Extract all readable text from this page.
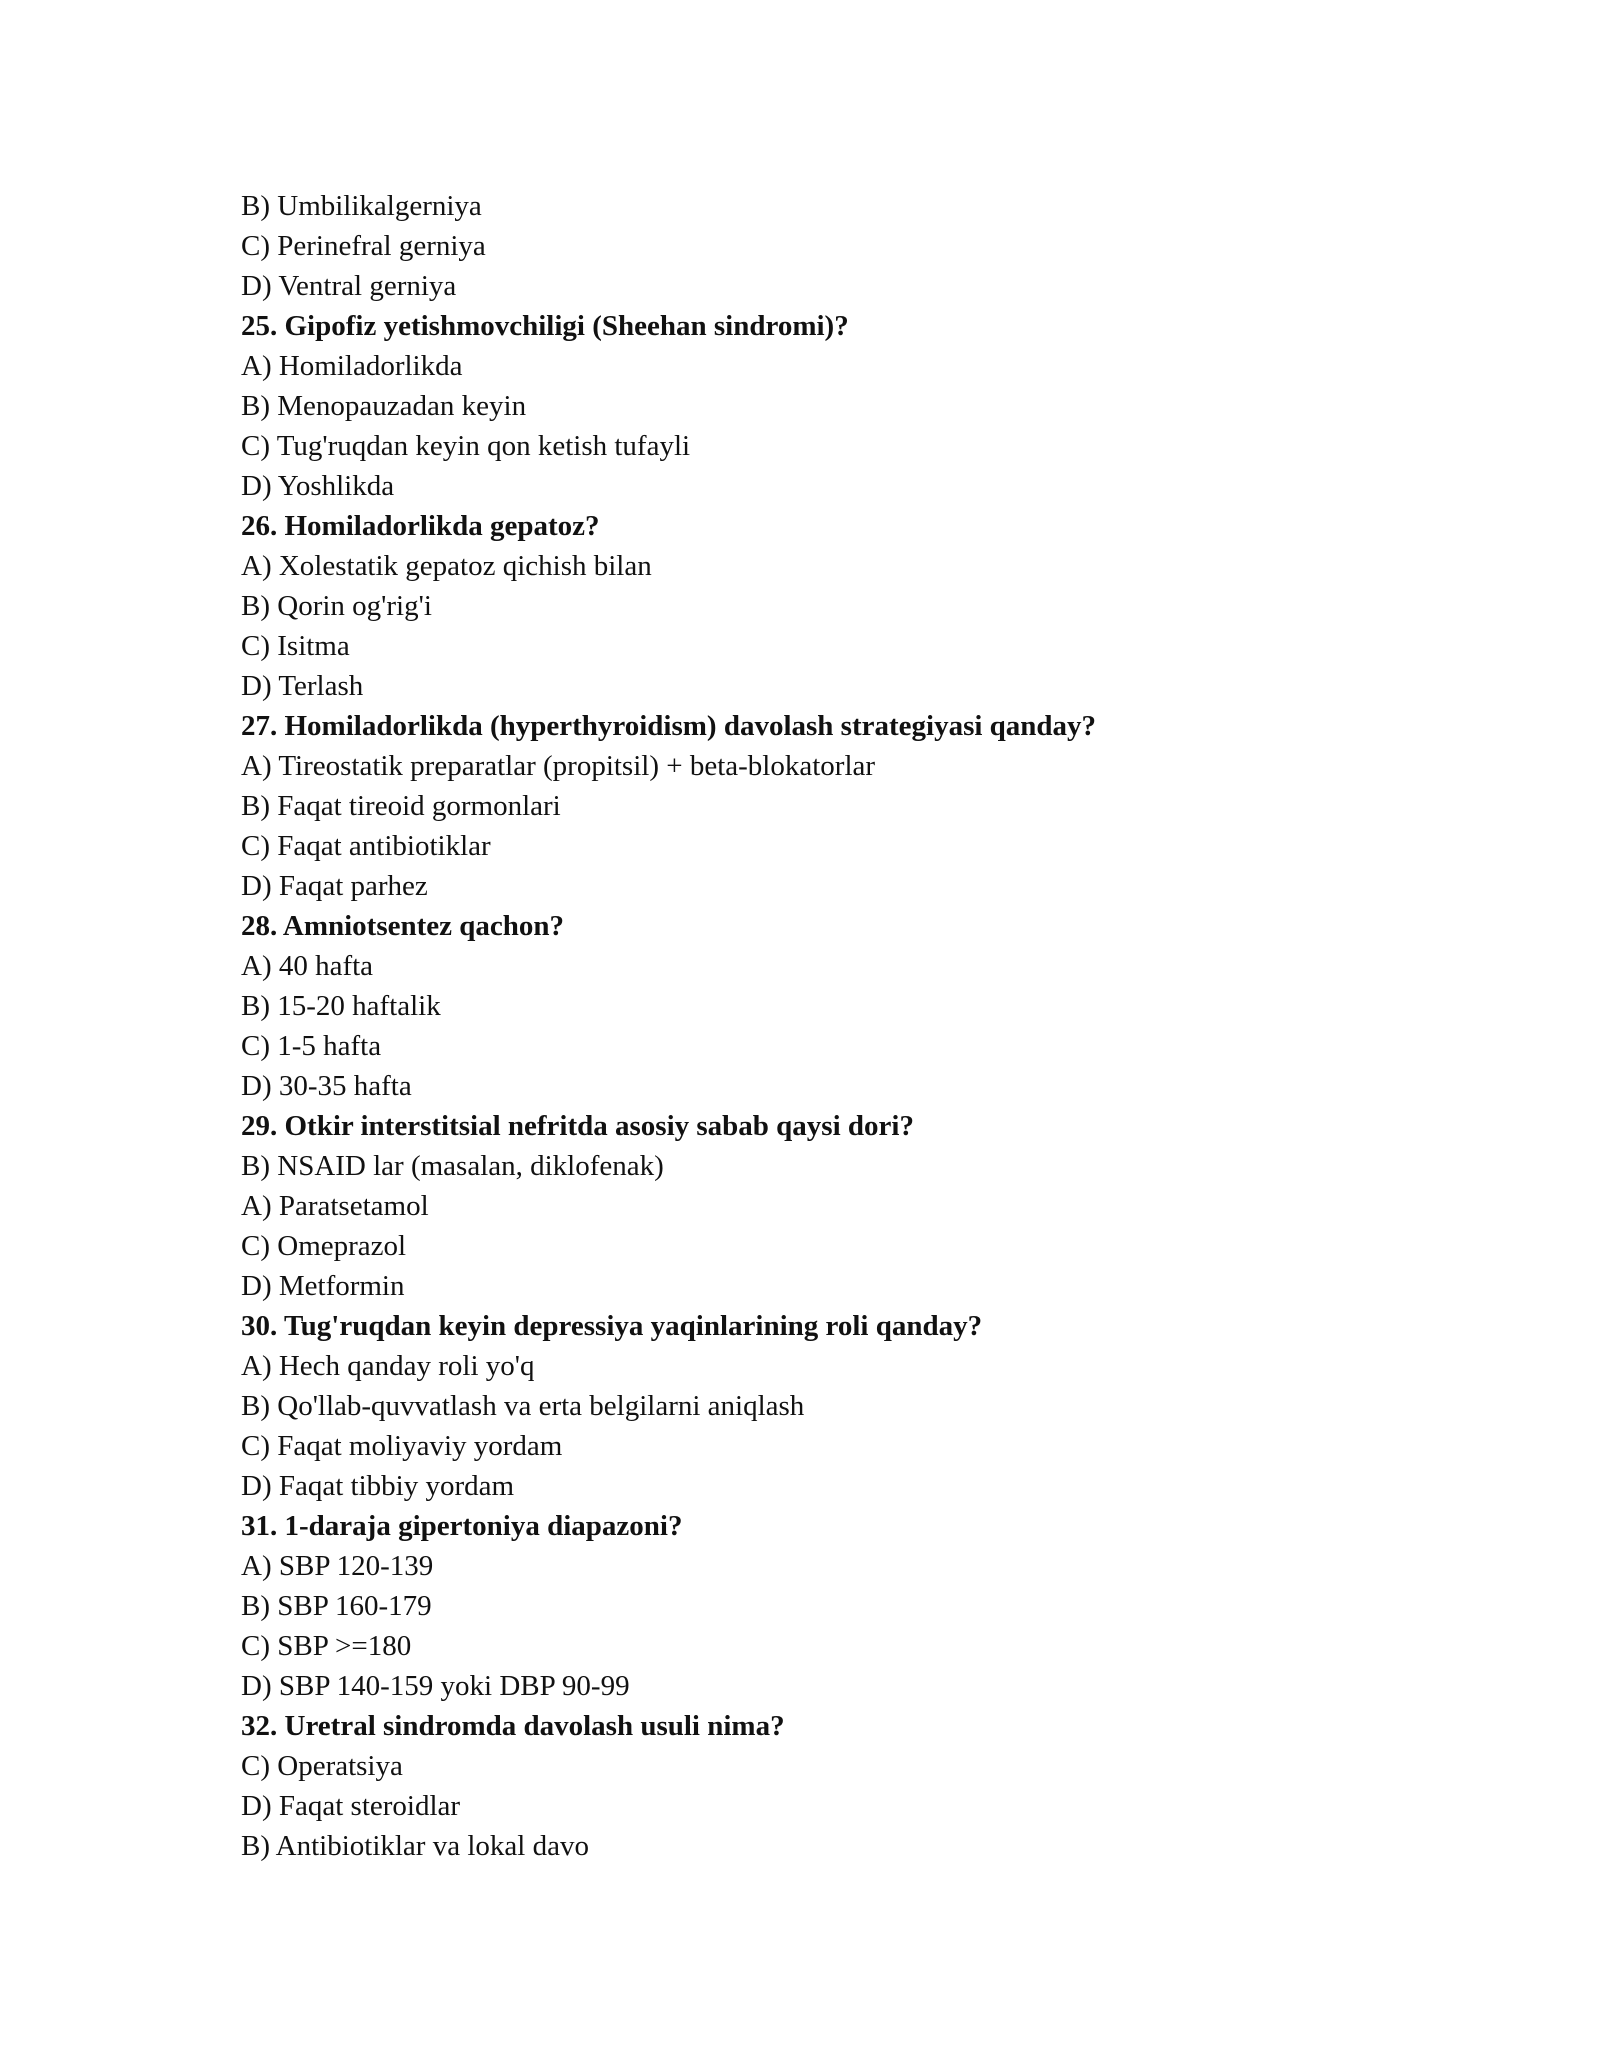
B) Umbilikalgerniya
C) Perinefral gerniya
D) Ventral gerniya
25. Gipofiz yetishmovchiligi (Sheehan sindromi)?
A) Homiladorlikda
B) Menopauzadan keyin
C) Tug'ruqdan keyin qon ketish tufayli
D) Yoshlikda
26. Homiladorlikda gepatoz?
A) Xolestatik gepatoz qichish bilan
B) Qorin og'rig'i
C) Isitma
D) Terlash
27. Homiladorlikda (hyperthyroidism) davolash strategiyasi qanday?
A) Tireostatik preparatlar (propitsil) + beta-blokatorlar
B) Faqat tireoid gormonlari
C) Faqat antibiotiklar
D) Faqat parhez
28. Amniotsentez qachon?
A) 40 hafta
B) 15-20 haftalik
C) 1-5 hafta
D) 30-35 hafta
29. Otkir interstitsial nefritda asosiy sabab qaysi dori?
B) NSAID lar (masalan, diklofenak)
A) Paratsetamol
C) Omeprazol
D) Metformin
30. Tug'ruqdan keyin depressiya yaqinlarining roli qanday?
A) Hech qanday roli yo'q
B) Qo'llab-quvvatlash va erta belgilarni aniqlash
C) Faqat moliyaviy yordam
D) Faqat tibbiy yordam
31. 1-daraja gipertoniya diapazoni?
A) SBP 120-139
B) SBP 160-179
C) SBP >=180
D) SBP 140-159 yoki DBP 90-99
32. Uretral sindromda davolash usuli nima?
C) Operatsiya
D) Faqat steroidlar
B) Antibiotiklar va lokal davo
